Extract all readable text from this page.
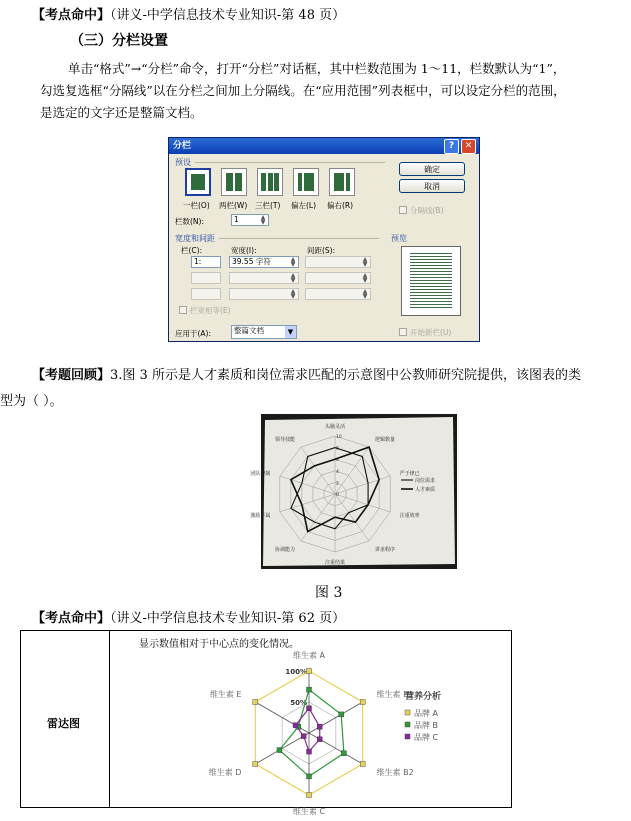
【考点命中】（讲义-中学信息技术专业知识-第 48 页）
（三）分栏设置
单击“格式”→“分栏”命令，打开“分栏”对话框，其中栏数范围为 1～11，栏数默认为“1”，
勾选复选框“分隔线”以在分栏之间加上分隔线。在“应用范围”列表框中，可以设定分栏的范围，
是选定的文字还是整篇文档。
分栏	?	✕
预设
一栏(O) 两栏(W) 三栏(T) 偏左(L) 偏右(R)
确定
取消
分隔线(B)
栏数(N):	1	▲
▼
宽度和间距
栏(C):	宽度(I):	间距(S):
1:	39.55 字符	▲
▼
▲
▼
▲
▼
▲
▼
▲
▼
▲
▼
栏宽相等(E)
预览
应用于(A):	整篇文档	▼	开始新栏(U)
【考题回顾】3.图 3 所示是人才素质和岗位需求匹配的示意图中公教师研究院提供，该图表的类
型为（ ）。
头脑灵活
逻辑数量
严于律已
注重效率
讲求程序
注重结果
协调能力
激励下属
团队控制
领导技能	10
8
6
4
2
0
岗位需求
人才素质
图 3
【考点命中】（讲义-中学信息技术专业知识-第 62 页）
雷达图
显示数值相对于中心点的变化情况。
维生素 A
维生素 B1
维生素 B2
维生素 C
维生素 D
维生素 E
100%
50%
营养分析
品牌 A
品牌 B
品牌 C
